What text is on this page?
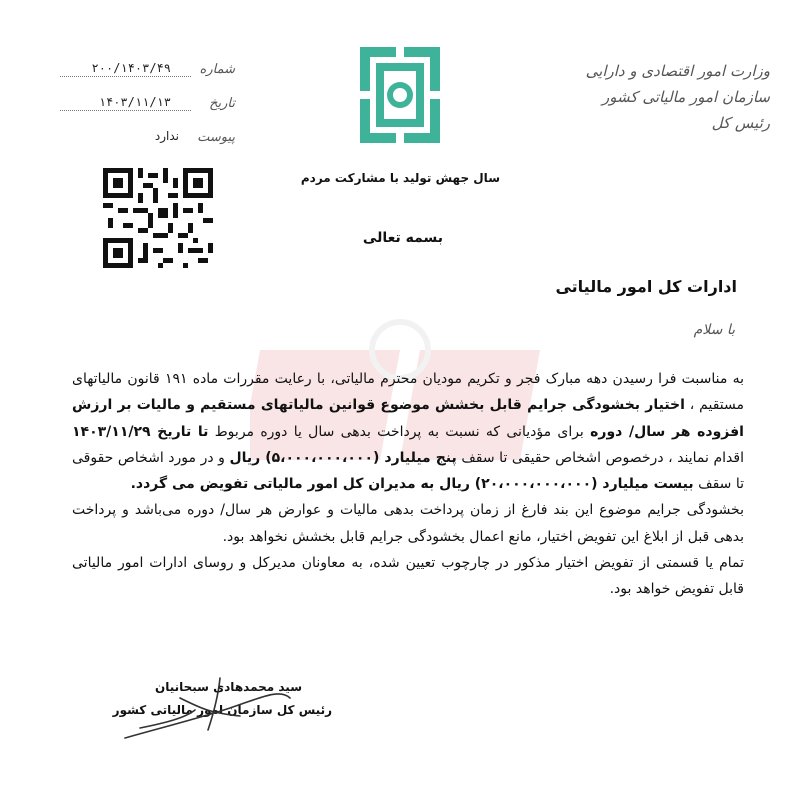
وزارت امور اقتصادی و دارایی
سازمان امور مالیاتی کشور
رئیس کل
شماره
۲۰۰/۱۴۰۳/۴۹
تاریخ
۱۴۰۳/۱۱/۱۳
پیوست
ندارد
سال جهش تولید با مشارکت مردم
بسمه تعالی
ادارات کل امور مالیاتی
با سلام

به مناسبت فرا رسیدن دهه مبارک فجر و تکریم مودیان محترم مالیاتی، با رعایت مقررات ماده ۱۹۱ قانون مالیاتهای مستقیم ، اختیار بخشودگی جرایم قابل بخشش موضوع قوانین مالیاتهای مستقیم و مالیات بر ارزش افزوده هر سال/ دوره برای مؤدیانی که نسبت به پرداخت بدهی سال یا دوره مربوط تا تاریخ ۱۴۰۳/۱۱/۲۹ اقدام نمایند ، درخصوص اشخاص حقیقی تا سقف پنج میلیارد (۵،۰۰۰،۰۰۰،۰۰۰) ریال و در مورد اشخاص حقوقی تا سقف بیست میلیارد (۲۰،۰۰۰،۰۰۰،۰۰۰) ریال به مدیران کل امور مالیاتی تفویض می گردد.

بخشودگی جرایم موضوع این بند فارغ از زمان پرداخت بدهی مالیات و عوارض هر سال/ دوره می‌باشد و پرداخت بدهی قبل از ابلاغ این تفویض اختیار، مانع اعمال بخشودگی جرایم قابل بخشش نخواهد بود.

تمام یا قسمتی از تفویض اختیار مذکور در چارچوب تعیین شده، به معاونان مدیرکل و روسای ادارات امور مالیاتی قابل تفویض خواهد بود.

سید محمدهادی سبحانیان
رئیس کل سازمان امور مالیاتی کشور
